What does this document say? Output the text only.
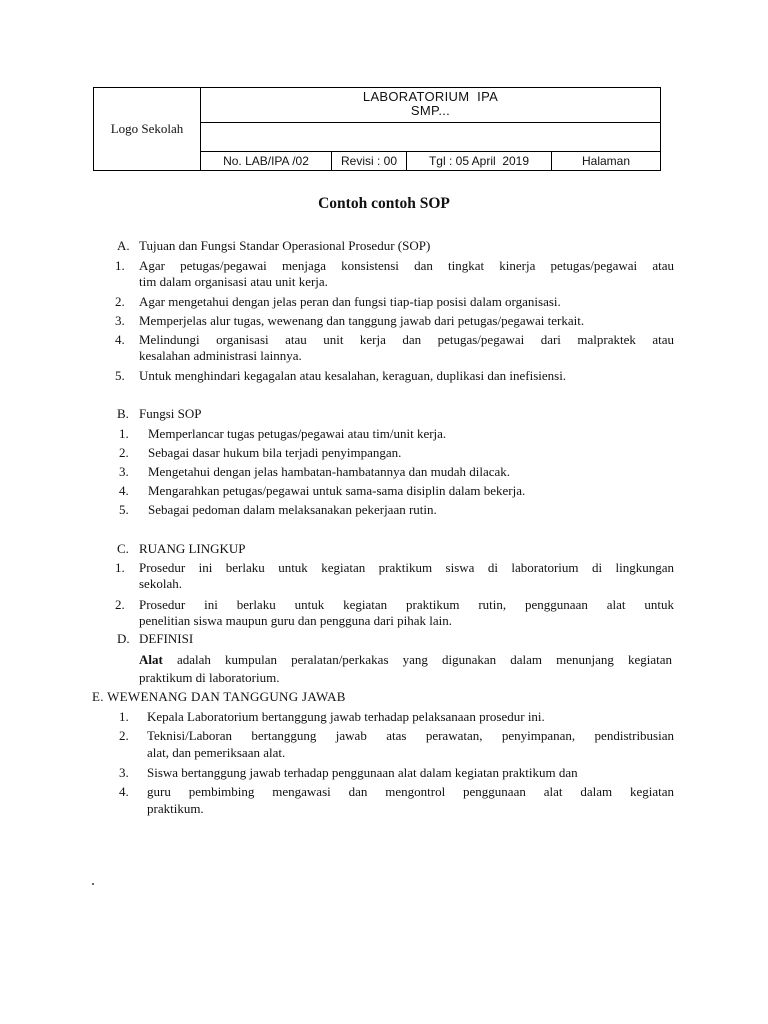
Logo Sekolah
LABORATORIUM  IPA
SMP...
No. LAB/IPA /02	Revisi : 00	Tgl : 05 April  2019	Halaman
Contoh contoh SOP
A. Tujuan dan Fungsi Standar Operasional Prosedur (SOP)
1. Agar petugas/pegawai menjaga konsistensi dan tingkat kinerja petugas/pegawai atau
tim dalam organisasi atau unit kerja.
2. Agar mengetahui dengan jelas peran dan fungsi tiap-tiap posisi dalam organisasi.
3. Memperjelas alur tugas, wewenang dan tanggung jawab dari petugas/pegawai terkait.
4. Melindungi organisasi atau unit kerja dan petugas/pegawai dari malpraktek atau
kesalahan administrasi lainnya.
5. Untuk menghindari kegagalan atau kesalahan, keraguan, duplikasi dan inefisiensi.
B. Fungsi SOP
1. Memperlancar tugas petugas/pegawai atau tim/unit kerja.
2. Sebagai dasar hukum bila terjadi penyimpangan.
3. Mengetahui dengan jelas hambatan-hambatannya dan mudah dilacak.
4. Mengarahkan petugas/pegawai untuk sama-sama disiplin dalam bekerja.
5. Sebagai pedoman dalam melaksanakan pekerjaan rutin.
C. RUANG LINGKUP
1. Prosedur ini berlaku untuk kegiatan praktikum siswa di laboratorium di lingkungan
sekolah.
2. Prosedur ini berlaku untuk kegiatan praktikum rutin, penggunaan alat untuk
penelitian siswa maupun guru dan pengguna dari pihak lain.
D. DEFINISI
Alat adalah kumpulan peralatan/perkakas yang digunakan dalam menunjang kegiatan
praktikum di laboratorium.
E. WEWENANG DAN TANGGUNG JAWAB
1. Kepala Laboratorium bertanggung jawab terhadap pelaksanaan prosedur ini.
2. Teknisi/Laboran bertanggung jawab atas perawatan, penyimpanan, pendistribusian
alat, dan pemeriksaan alat.
3. Siswa bertanggung jawab terhadap penggunaan alat dalam kegiatan praktikum dan
4. guru pembimbing mengawasi dan mengontrol penggunaan alat dalam kegiatan
praktikum.
